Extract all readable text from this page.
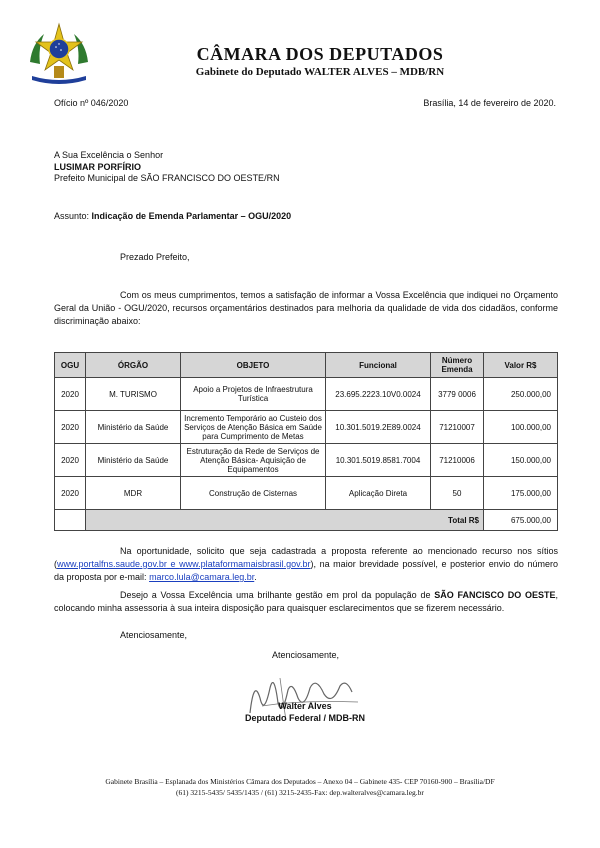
CÂMARA DOS DEPUTADOS
Gabinete do Deputado WALTER ALVES – MDB/RN
Ofício nº 046/2020	Brasília, 14 de fevereiro de 2020.
A Sua Excelência o Senhor
LUSIMAR PORFÍRIO
Prefeito Municipal de SÃO FRANCISCO DO OESTE/RN
Assunto: Indicação de Emenda Parlamentar – OGU/2020
Prezado Prefeito,
Com os meus cumprimentos, temos a satisfação de informar a Vossa Excelência que indiquei no Orçamento Geral da União - OGU/2020, recursos orçamentários destinados para melhoria da qualidade de vida dos cidadãos, conforme discriminação abaixo:
OGU	ÓRGÃO	OBJETO	Funcional	Número Emenda	Valor R$
2020	M. TURISMO	Apoio a Projetos de Infraestrutura Turística	23.695.2223.10V0.0024	3779 0006	250.000,00
2020	Ministério da Saúde	Incremento Temporário ao Custeio dos Serviços de Atenção Básica em Saúde para Cumprimento de Metas	10.301.5019.2E89.0024	71210007	100.000,00
2020	Ministério da Saúde	Estruturação da Rede de Serviços de Atenção Básica- Aquisição de Equipamentos	10.301.5019.8581.7004	71210006	150.000,00
2020	MDR	Construção de Cisternas	Aplicação Direta	50	175.000,00
	Total R$				675.000,00
Na oportunidade, solicito que seja cadastrada a proposta referente ao mencionado recurso nos sítios (www.portalfns.saude.gov.br e www.plataformamaisbrasil.gov.br), na maior brevidade possível, e posterior envio do número da proposta por e-mail: marco.lula@camara.leg.br.
Desejo a Vossa Excelência uma brilhante gestão em prol da população de SÃO FANCISCO DO OESTE, colocando minha assessoria à sua inteira disposição para quaisquer esclarecimentos que se fizerem necessário.
Atenciosamente,
Atenciosamente,
Walter Alves
Deputado Federal / MDB-RN
Gabinete Brasília – Esplanada dos Ministérios Câmara dos Deputados – Anexo 04 – Gabinete 435- CEP 70160-900 – Brasília/DF
(61) 3215-5435/ 5435/1435 / (61) 3215-2435-Fax: dep.walteralves@camara.leg.br
